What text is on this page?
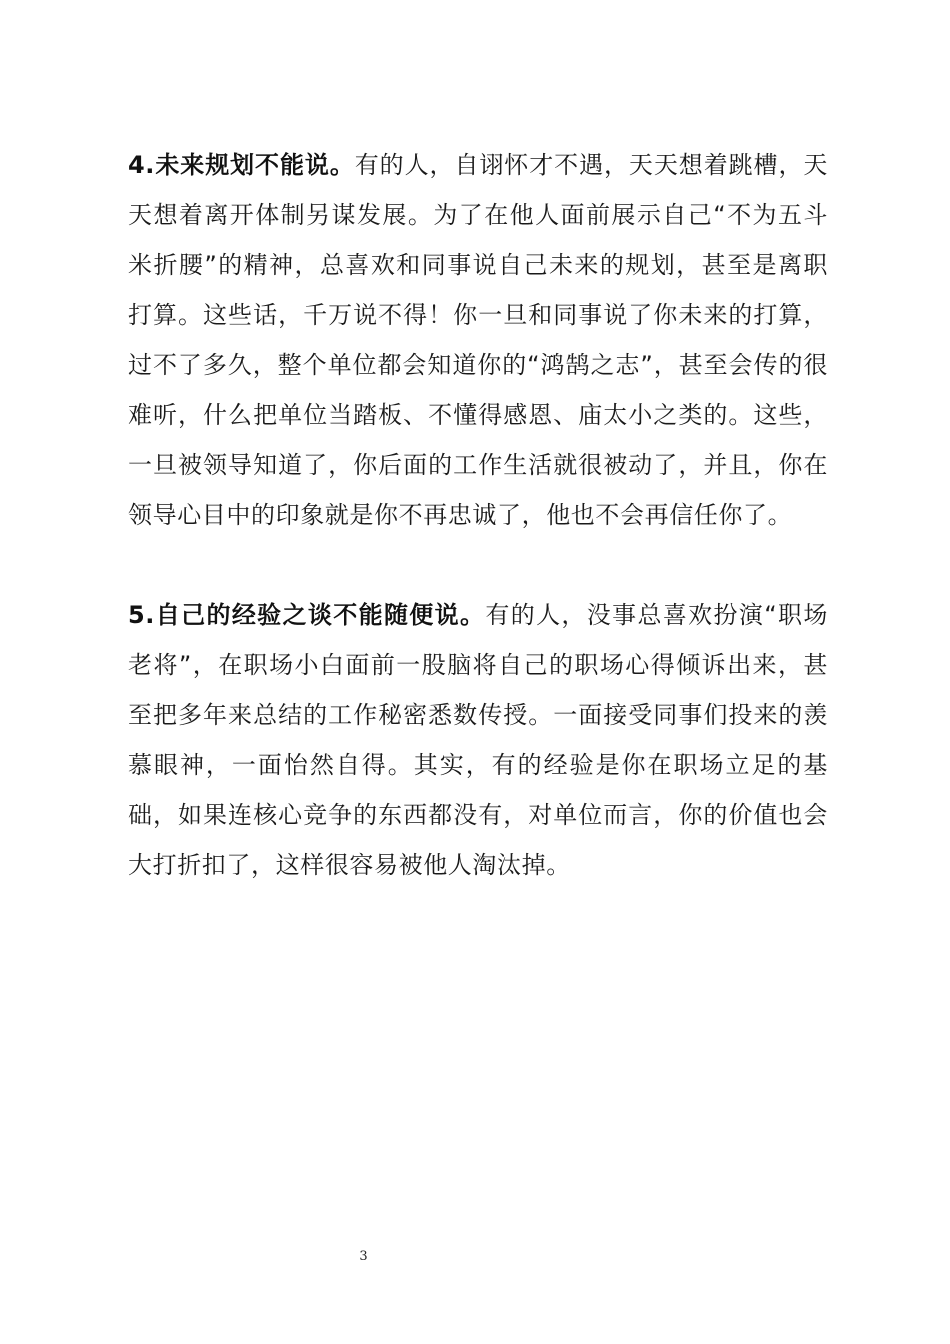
4.未来规划不能说。有的人，自诩怀才不遇，天天想着跳槽，天天想着离开体制另谋发展。为了在他人面前展示自己“不为五斗米折腰”的精神，总喜欢和同事说自己未来的规划，甚至是离职打算。这些话，千万说不得！你一旦和同事说了你未来的打算，过不了多久，整个单位都会知道你的“鸿鹄之志”，甚至会传的很难听，什么把单位当踏板、不懂得感恩、庙太小之类的。这些，一旦被领导知道了，你后面的工作生活就很被动了，并且，你在领导心目中的印象就是你不再忠诚了，他也不会再信任你了。

5.自己的经验之谈不能随便说。有的人，没事总喜欢扮演“职场老将”，在职场小白面前一股脑将自己的职场心得倾诉出来，甚至把多年来总结的工作秘密悉数传授。一面接受同事们投来的羡慕眼神，一面怡然自得。其实，有的经验是你在职场立足的基础，如果连核心竞争的东西都没有，对单位而言，你的价值也会大打折扣了，这样很容易被他人淘汰掉。

3
